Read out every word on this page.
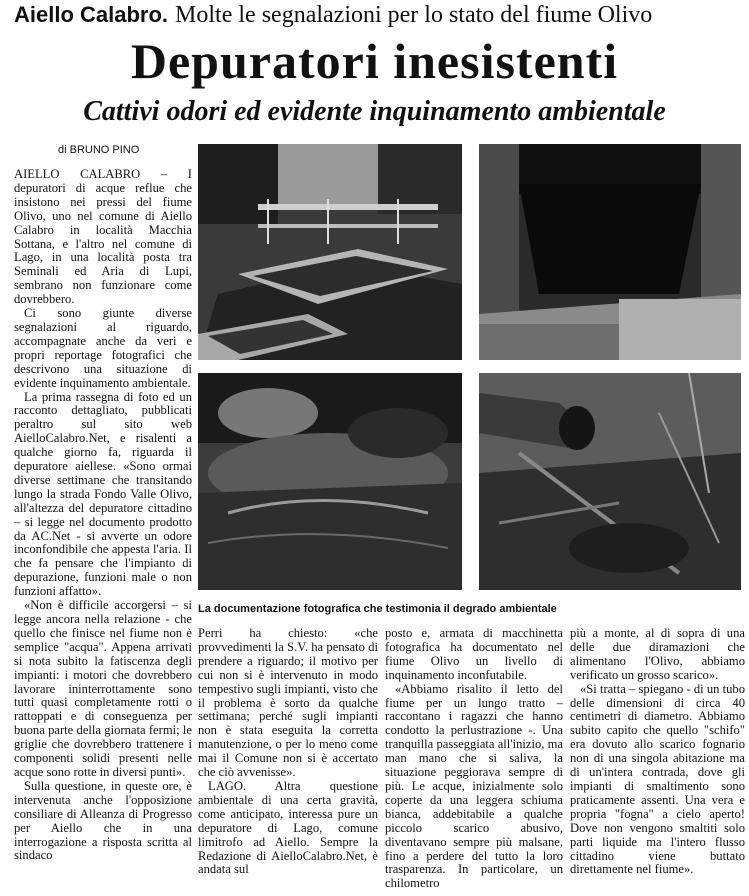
Aiello Calabro. Molte le segnalazioni per lo stato del fiume Olivo
Depuratori inesistenti
Cattivi odori ed evidente inquinamento ambientale
di BRUNO PINO

AIELLO CALABRO – I depuratori di acque reflue che insistono nei pressi del fiume Olivo, uno nel comune di Aiello Calabro in località Macchia Sottana, e l'altro nel comune di Lago, in una località posta tra Seminali ed Aria di Lupi, sembrano non funzionare come dovrebbero.

Ci sono giunte diverse segnalazioni al riguardo, accompagnate anche da veri e propri reportage fotografici che descrivono una situazione di evidente inquinamento ambientale.

La prima rassegna di foto ed un racconto dettagliato, pubblicati peraltro sul sito web AielloCalabro.Net, e risalenti a qualche giorno fa, riguarda il depuratore aiellese. «Sono ormai diverse settimane che transitando lungo la strada Fondo Valle Olivo, all'altezza del depuratore cittadino – si legge nel documento prodotto da AC.Net - si avverte un odore inconfondibile che appesta l'aria. Il che fa pensare che l'impianto di depurazione, funzioni male o non funzioni affatto».

«Non è difficile accorgersi – si legge ancora nella relazione - che quello che finisce nel fiume non è semplice "acqua". Appena arrivati si nota subito la fatiscenza degli impianti: i motori che dovrebbero lavorare ininterrottamente sono tutti quasi completamente rotti o rattoppati e di conseguenza per buona parte della giornata fermi; le griglie che dovrebbero trattenere i componenti solidi presenti nelle acque sono rotte in diversi punti».

Sulla questione, in queste ore, è intervenuta anche l'opposizione consiliare di Alleanza di Progresso per Aiello che in una interrogazione a risposta scritta al sindaco

La documentazione fotografica che testimonia il degrado ambientale

Perri ha chiesto: «che provvedimenti la S.V. ha pensato di prendere a riguardo; il motivo per cui non si è intervenuto in modo tempestivo sugli impianti, visto che il problema è sorto da qualche settimana; perché sugli impianti non è stata eseguita la corretta manutenzione, o per lo meno come mai il Comune non si è accertato che ciò avvenisse».

LAGO. Altra questione ambientale di una certa gravità, come anticipato, interessa pure un depuratore di Lago, comune limitrofo ad Aiello. Sempre la Redazione di AielloCalabro.Net, è andata sul

posto e, armata di macchinetta fotografica ha documentato nel fiume Olivo un livello di inquinamento inconfutabile.

«Abbiamo risalito il letto del fiume per un lungo tratto – raccontano i ragazzi che hanno condotto la perlustrazione -. Una tranquilla passeggiata all'inizio, ma man mano che si saliva, la situazione peggiorava sempre di più. Le acque, inizialmente solo coperte da una leggera schiuma bianca, addebitabile a qualche piccolo scarico abusivo, diventavano sempre più malsane, fino a perdere del tutto la loro trasparenza. In particolare, un chilometro

più a monte, al di sopra di una delle due diramazioni che alimentano l'Olivo, abbiamo verificato un grosso scarico».

«Si tratta – spiegano - di un tubo delle dimensioni di circa 40 centimetri di diametro. Abbiamo subito capito che quello "schifo" era dovuto allo scarico fognario non di una singola abitazione ma di un'intera contrada, dove gli impianti di smaltimento sono praticamente assenti. Una vera e propria "fogna" a cielo aperto! Dove non vengono smaltiti solo parti liquide ma l'intero flusso cittadino viene buttato direttamente nel fiume».
